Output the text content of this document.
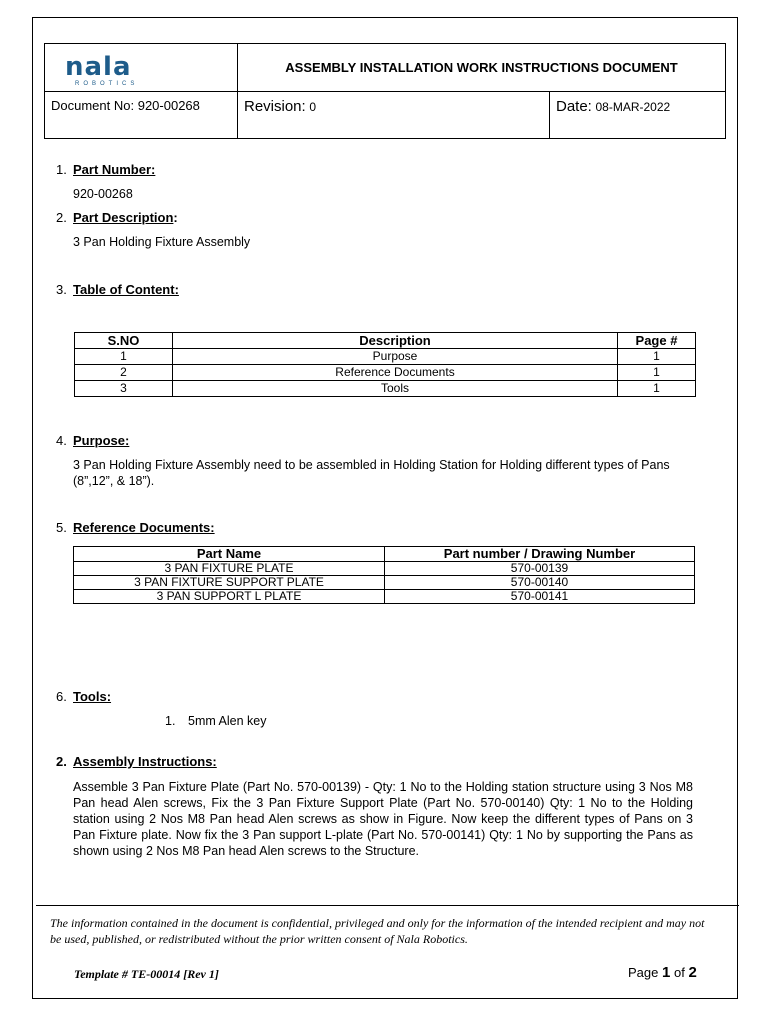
nala
ROBOTICS	ASSEMBLY INSTALLATION WORK INSTRUCTIONS DOCUMENT	
Document No: 920-00268	Revision: 0	Date: 08-MAR-2022
1. Part Number:
920-00268
2. Part Description:
3 Pan Holding Fixture Assembly
3. Table of Content:
S.NO	Description	Page #
1	Purpose	1
2	Reference Documents	1
3	Tools	1
4. Purpose:
3 Pan Holding Fixture Assembly need to be assembled in Holding Station for Holding different types of Pans (8”,12”, & 18”).
5. Reference Documents:
Part Name	Part number / Drawing Number
3 PAN FIXTURE PLATE	570-00139
3 PAN FIXTURE SUPPORT PLATE	570-00140
3 PAN SUPPORT L PLATE	570-00141
6. Tools:
1. 5mm Alen key
2. Assembly Instructions:
Assemble 3 Pan Fixture Plate (Part No. 570-00139) - Qty: 1 No to the Holding station structure using 3 Nos M8 Pan head Alen screws, Fix the 3 Pan Fixture Support Plate (Part No. 570-00140) Qty: 1 No to the Holding station using 2 Nos M8 Pan head Alen screws as show in Figure. Now keep the different types of Pans on 3 Pan Fixture plate. Now fix the 3 Pan support L-plate (Part No. 570-00141) Qty: 1 No by supporting the Pans as shown using 2 Nos M8 Pan head Alen screws to the Structure.
The information contained in the document is confidential, privileged and only for the information of the intended recipient and may not be used, published, or redistributed without the prior written consent of Nala Robotics.
Template # TE-00014 [Rev 1]	Page 1 of 2
